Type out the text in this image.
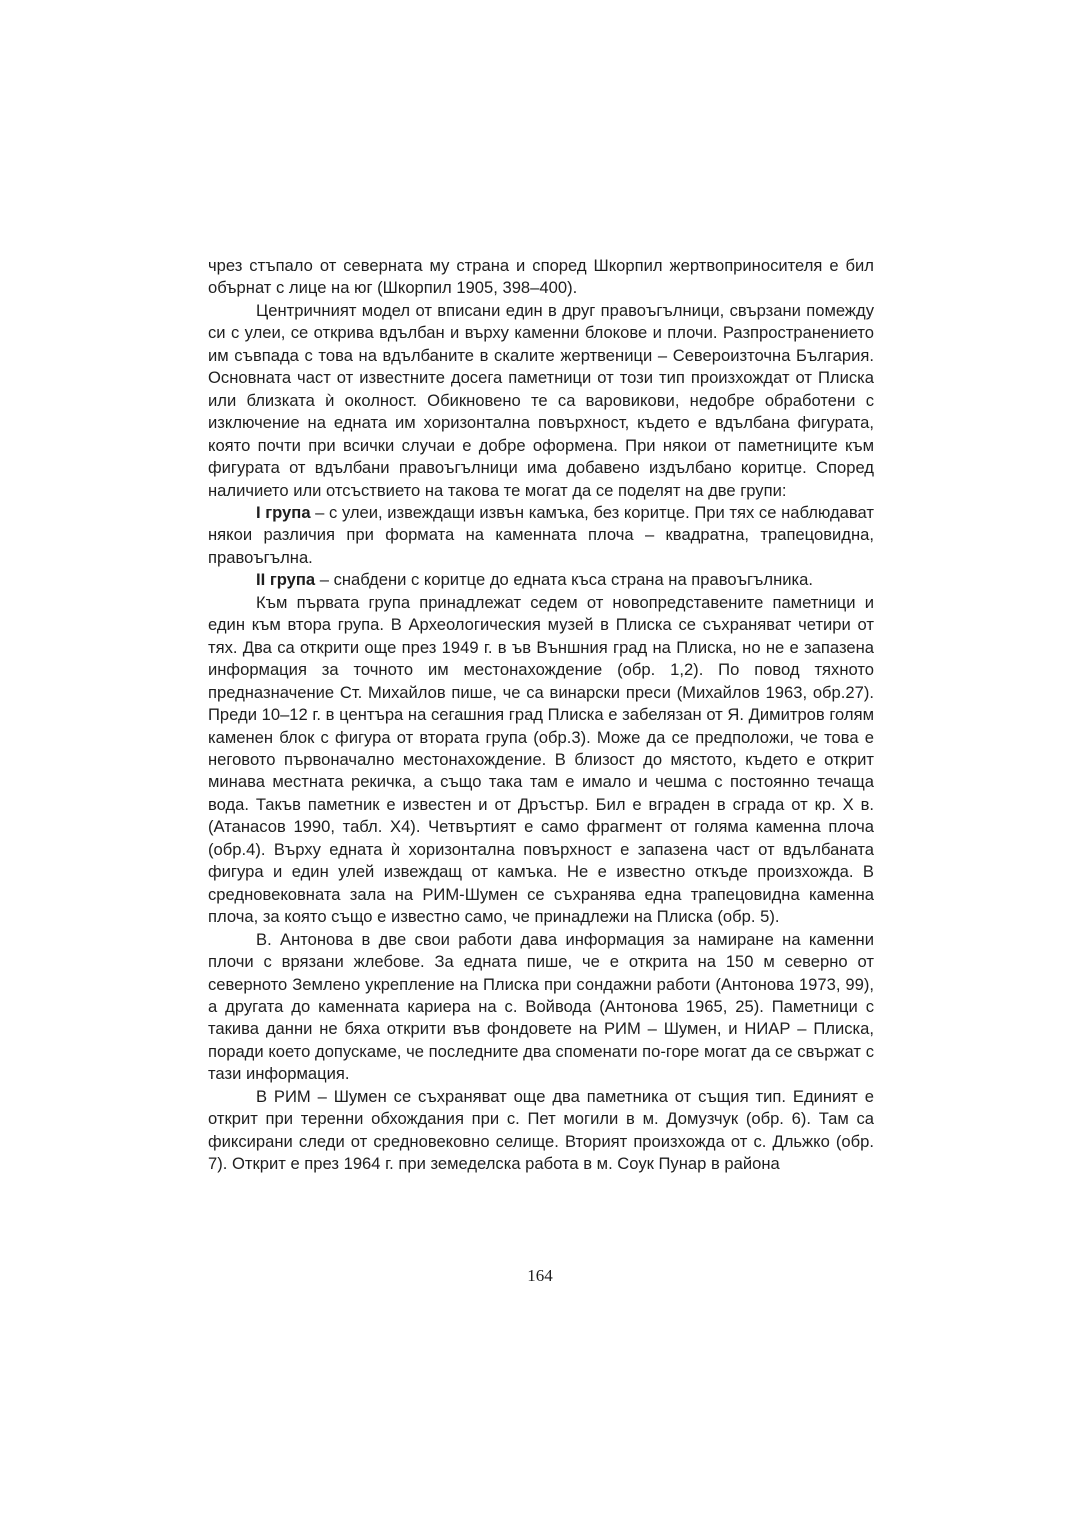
чрез стъпало от северната му страна и според Шкорпил жертвоприносителя е бил обърнат с лице на юг (Шкорпил 1905, 398–400).

Центричният модел от вписани един в друг правоъгълници, свързани помежду си с улеи, се открива вдълбан и върху каменни блокове и плочи. Разпространението им съвпада с това на вдълбаните в скалите жертвеници – Североизточна България. Основната част от известните досега паметници от този тип произхождат от Плиска или близката ѝ околност. Обикновено те са варовикови, недобре обработени с изключение на едната им хоризонтална повърхност, където е вдълбана фигурата, която почти при всички случаи е добре оформена. При някои от паметниците към фигурата от вдълбани правоъгълници има добавено издълбано коритце. Според наличието или отсъствието на такова те могат да се поделят на две групи:

I група – с улеи, извеждащи извън камъка, без коритце. При тях се наблюдават някои различия при формата на каменната плоча – квадратна, трапецовидна, правоъгълна.

II група – снабдени с коритце до едната къса страна на правоъгълника.

Към първата група принадлежат седем от новопредставените паметници и един към втора група. В Археологическия музей в Плиска се съхраняват четири от тях. Два са открити още през 1949 г. в ъв Външния град на Плиска, но не е запазена информация за точното им местонахождение (обр. 1,2). По повод тяхното предназначение Ст. Михайлов пише, че са винарски преси (Михайлов 1963, обр.27). Преди 10–12 г. в центъра на сегашния град Плиска е забелязан от Я. Димитров голям каменен блок с фигура от втората група (обр.3). Може да се предположи, че това е неговото първоначално местонахождение. В близост до мястото, където е открит минава местната рекичка, а също така там е имало и чешма с постоянно течаща вода. Такъв паметник е известен и от Дръстър. Бил е вграден в сграда от кр. X в. (Атанасов 1990, табл. X4). Четвъртият е само фрагмент от голяма каменна плоча (обр.4). Върху едната ѝ хоризонтална повърхност е запазена част от вдълбаната фигура и един улей извеждащ от камъка. Не е известно откъде произхожда. В средновековната зала на РИМ-Шумен се съхранява една трапецовидна каменна плоча, за която също е известно само, че принадлежи на Плиска (обр. 5).

В. Антонова в две свои работи дава информация за намиране на каменни плочи с врязани жлебове. За едната пише, че е открита на 150 м северно от северното Землено укрепление на Плиска при сондажни работи (Антонова 1973, 99), а другата до каменната кариера на с. Войвода (Антонова 1965, 25). Паметници с такива данни не бяха открити във фондовете на РИМ – Шумен, и НИАР – Плиска, поради което допускаме, че последните два споменати по-горе могат да се свържат с тази информация.

В РИМ – Шумен се съхраняват още два паметника от същия тип. Единият е открит при теренни обхождания при с. Пет могили в м. Домузчук (обр. 6). Там са фиксирани следи от средновековно селище. Вторият произхожда от с. Дльжко (обр. 7). Открит е през 1964 г. при земеделска работа в м. Соук Пунар в района

164
